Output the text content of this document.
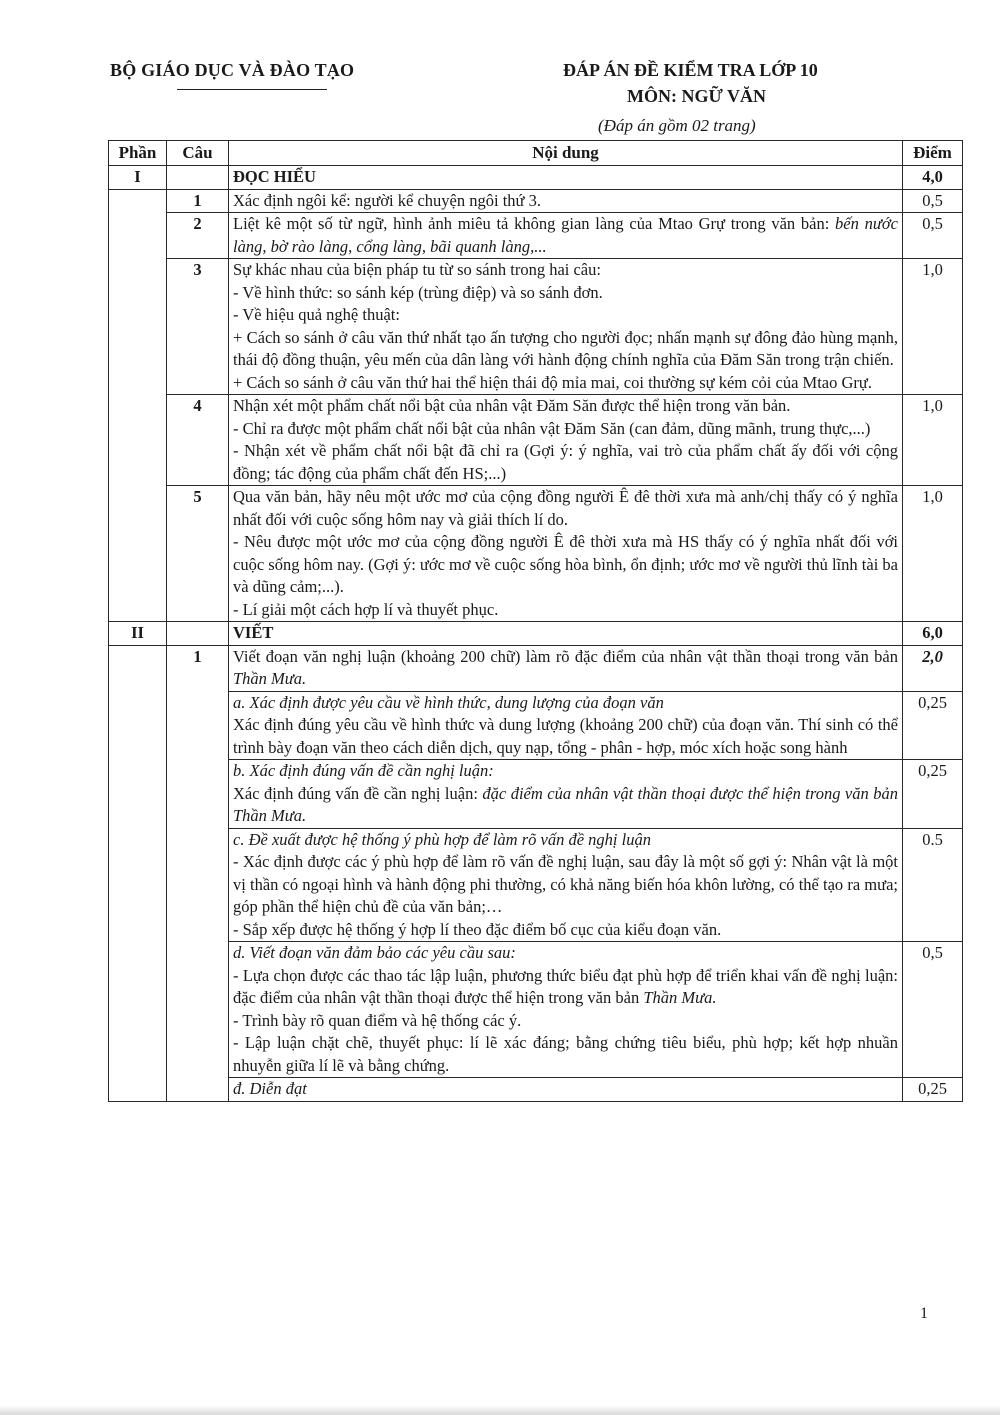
BỘ GIÁO DỤC VÀ ĐÀO TẠO	ĐÁP ÁN ĐỀ KIỂM TRA LỚP 10
MÔN: NGỮ VĂN
(Đáp án gồm 02 trang)
Phần	Câu	Nội dung	Điểm
I		ĐỌC HIỂU	4,0
	1	Xác định ngôi kể: người kể chuyện ngôi thứ 3.	0,5
	2	Liệt kê một số từ ngữ, hình ảnh miêu tả không gian làng của Mtao Grự trong văn bản: bến nước làng, bờ rào làng, cổng làng, bãi quanh làng,...	0,5
	3	Sự khác nhau của biện pháp tu từ so sánh trong hai câu:
- Về hình thức: so sánh kép (trùng điệp) và so sánh đơn.
- Về hiệu quả nghệ thuật:
+ Cách so sánh ở câu văn thứ nhất tạo ấn tượng cho người đọc; nhấn mạnh sự đông đảo hùng mạnh, thái độ đồng thuận, yêu mến của dân làng với hành động chính nghĩa của Đăm Săn trong trận chiến.
+ Cách so sánh ở câu văn thứ hai thể hiện thái độ mỉa mai, coi thường sự kém cỏi của Mtao Grự.	1,0
	4	Nhận xét một phẩm chất nổi bật của nhân vật Đăm Săn được thể hiện trong văn bản.
- Chỉ ra được một phẩm chất nổi bật của nhân vật Đăm Săn (can đảm, dũng mãnh, trung thực,...)
- Nhận xét về phẩm chất nổi bật đã chỉ ra (Gợi ý: ý nghĩa, vai trò của phẩm chất ấy đối với cộng đồng; tác động của phẩm chất đến HS;...)	1,0
	5	Qua văn bản, hãy nêu một ước mơ của cộng đồng người Ê đê thời xưa mà anh/chị thấy có ý nghĩa nhất đối với cuộc sống hôm nay và giải thích lí do.
- Nêu được một ước mơ của cộng đồng người Ê đê thời xưa mà HS thấy có ý nghĩa nhất đối với cuộc sống hôm nay. (Gợi ý: ước mơ về cuộc sống hòa bình, ổn định; ước mơ về người thủ lĩnh tài ba và dũng cảm;...).
- Lí giải một cách hợp lí và thuyết phục.	1,0
II		VIẾT	6,0
	1	Viết đoạn văn nghị luận (khoảng 200 chữ) làm rõ đặc điểm của nhân vật thần thoại trong văn bản Thần Mưa.	2,0

		a. Xác định được yêu cầu về hình thức, dung lượng của đoạn văn
Xác định đúng yêu cầu về hình thức và dung lượng (khoảng 200 chữ) của đoạn văn. Thí sinh có thể trình bày đoạn văn theo cách diễn dịch, quy nạp, tổng - phân - hợp, móc xích hoặc song hành	0,25

		b. Xác định đúng vấn đề cần nghị luận:
Xác định đúng vấn đề cần nghị luận: đặc điểm của nhân vật thần thoại được thể hiện trong văn bản Thần Mưa.	0,25

		c. Đề xuất được hệ thống ý phù hợp để làm rõ vấn đề nghị luận
- Xác định được các ý phù hợp để làm rõ vấn đề nghị luận, sau đây là một số gợi ý: Nhân vật là một vị thần có ngoại hình và hành động phi thường, có khả năng biến hóa khôn lường, có thể tạo ra mưa; góp phần thể hiện chủ đề của văn bản;…
- Sắp xếp được hệ thống ý hợp lí theo đặc điểm bố cục của kiểu đoạn văn.	0.5

		d. Viết đoạn văn đảm bảo các yêu cầu sau:
- Lựa chọn được các thao tác lập luận, phương thức biểu đạt phù hợp để triển khai vấn đề nghị luận: đặc điểm của nhân vật thần thoại được thể hiện trong văn bản Thần Mưa.
- Trình bày rõ quan điểm và hệ thống các ý.
- Lập luận chặt chẽ, thuyết phục: lí lẽ xác đáng; bằng chứng tiêu biểu, phù hợp; kết hợp nhuần nhuyễn giữa lí lẽ và bằng chứng.	0,5

		đ. Diễn đạt	0,25
1
